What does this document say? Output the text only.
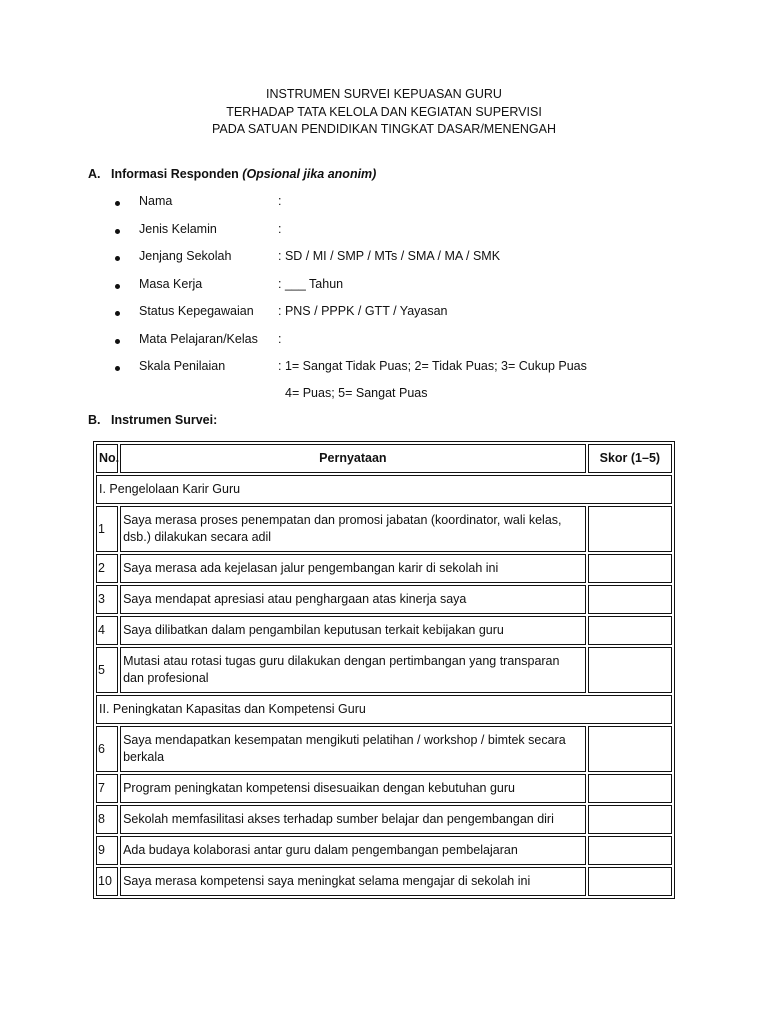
INSTRUMEN SURVEI KEPUASAN GURU
TERHADAP TATA KELOLA DAN KEGIATAN SUPERVISI
PADA SATUAN PENDIDIKAN TINGKAT DASAR/MENENGAH
A. Informasi Responden (Opsional jika anonim)
Nama	:
Jenis Kelamin	:
Jenjang Sekolah	: SD / MI / SMP / MTs / SMA / MA / SMK
Masa Kerja	: ___ Tahun
Status Kepegawaian : PNS / PPPK / GTT / Yayasan
Mata Pelajaran/Kelas :
Skala Penilaian	: 1= Sangat Tidak Puas; 2= Tidak Puas; 3= Cukup Puas
4= Puas; 5= Sangat Puas
B. Instrumen Survei:
No.	Pernyataan	Skor (1–5)
I. Pengelolaan Karir Guru		
1	Saya merasa proses penempatan dan promosi jabatan (koordinator, wali kelas, dsb.) dilakukan secara adil	
2	Saya merasa ada kejelasan jalur pengembangan karir di sekolah ini	
3	Saya mendapat apresiasi atau penghargaan atas kinerja saya	
4	Saya dilibatkan dalam pengambilan keputusan terkait kebijakan guru	
5	Mutasi atau rotasi tugas guru dilakukan dengan pertimbangan yang transparan dan profesional	
II. Peningkatan Kapasitas dan Kompetensi Guru		
6	Saya mendapatkan kesempatan mengikuti pelatihan / workshop / bimtek secara berkala	
7	Program peningkatan kompetensi disesuaikan dengan kebutuhan guru	
8	Sekolah memfasilitasi akses terhadap sumber belajar dan pengembangan diri	
9	Ada budaya kolaborasi antar guru dalam pengembangan pembelajaran	
10	Saya merasa kompetensi saya meningkat selama mengajar di sekolah ini	
